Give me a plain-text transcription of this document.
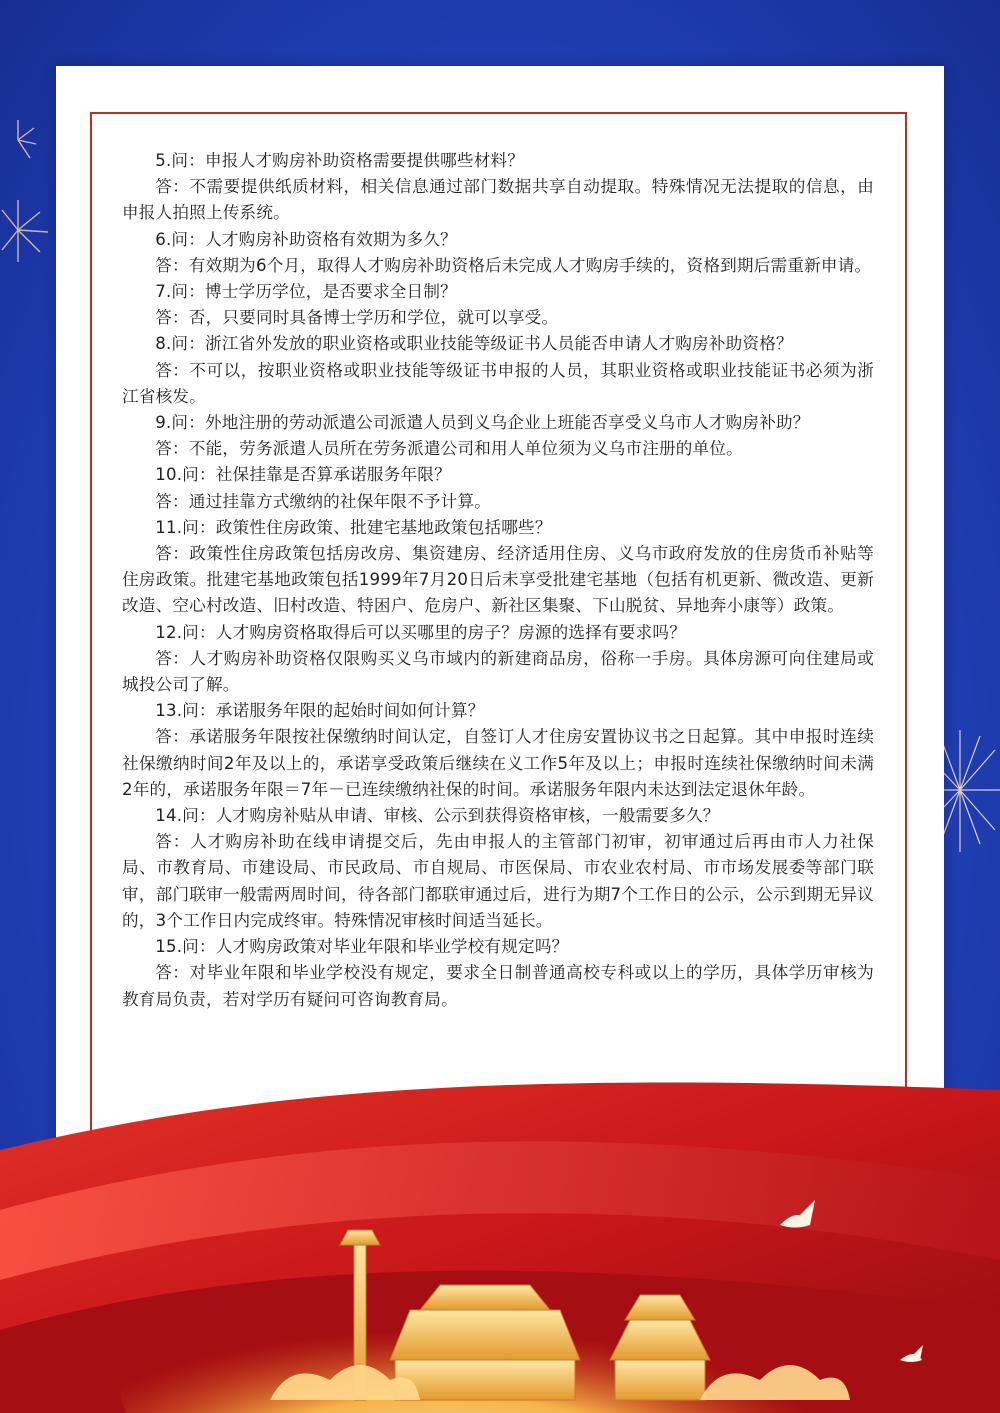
5.问：申报人才购房补助资格需要提供哪些材料？

答：不需要提供纸质材料，相关信息通过部门数据共享自动提取。特殊情况无法提取的信息，由申报人拍照上传系统。

6.问：人才购房补助资格有效期为多久？

答：有效期为6个月，取得人才购房补助资格后未完成人才购房手续的，资格到期后需重新申请。

7.问：博士学历学位，是否要求全日制？

答：否，只要同时具备博士学历和学位，就可以享受。

8.问：浙江省外发放的职业资格或职业技能等级证书人员能否申请人才购房补助资格？

答：不可以，按职业资格或职业技能等级证书申报的人员，其职业资格或职业技能证书必须为浙江省核发。

9.问：外地注册的劳动派遣公司派遣人员到义乌企业上班能否享受义乌市人才购房补助？

答：不能，劳务派遣人员所在劳务派遣公司和用人单位须为义乌市注册的单位。

10.问：社保挂靠是否算承诺服务年限？

答：通过挂靠方式缴纳的社保年限不予计算。

11.问：政策性住房政策、批建宅基地政策包括哪些？

答：政策性住房政策包括房改房、集资建房、经济适用住房、义乌市政府发放的住房货币补贴等住房政策。批建宅基地政策包括1999年7月20日后未享受批建宅基地（包括有机更新、微改造、更新改造、空心村改造、旧村改造、特困户、危房户、新社区集聚、下山脱贫、异地奔小康等）政策。

12.问：人才购房资格取得后可以买哪里的房子？房源的选择有要求吗？

答：人才购房补助资格仅限购买义乌市域内的新建商品房，俗称一手房。具体房源可向住建局或城投公司了解。

13.问：承诺服务年限的起始时间如何计算？

答：承诺服务年限按社保缴纳时间认定，自签订人才住房安置协议书之日起算。其中申报时连续社保缴纳时间2年及以上的，承诺享受政策后继续在义工作5年及以上；申报时连续社保缴纳时间未满2年的，承诺服务年限＝7年－已连续缴纳社保的时间。承诺服务年限内未达到法定退休年龄。

14.问：人才购房补贴从申请、审核、公示到获得资格审核，一般需要多久？

答：人才购房补助在线申请提交后，先由申报人的主管部门初审，初审通过后再由市人力社保局、市教育局、市建设局、市民政局、市自规局、市医保局、市农业农村局、市市场发展委等部门联审，部门联审一般需两周时间，待各部门都联审通过后，进行为期7个工作日的公示，公示到期无异议的，3个工作日内完成终审。特殊情况审核时间适当延长。

15.问：人才购房政策对毕业年限和毕业学校有规定吗？

答：对毕业年限和毕业学校没有规定，要求全日制普通高校专科或以上的学历，具体学历审核为教育局负责，若对学历有疑问可咨询教育局。
